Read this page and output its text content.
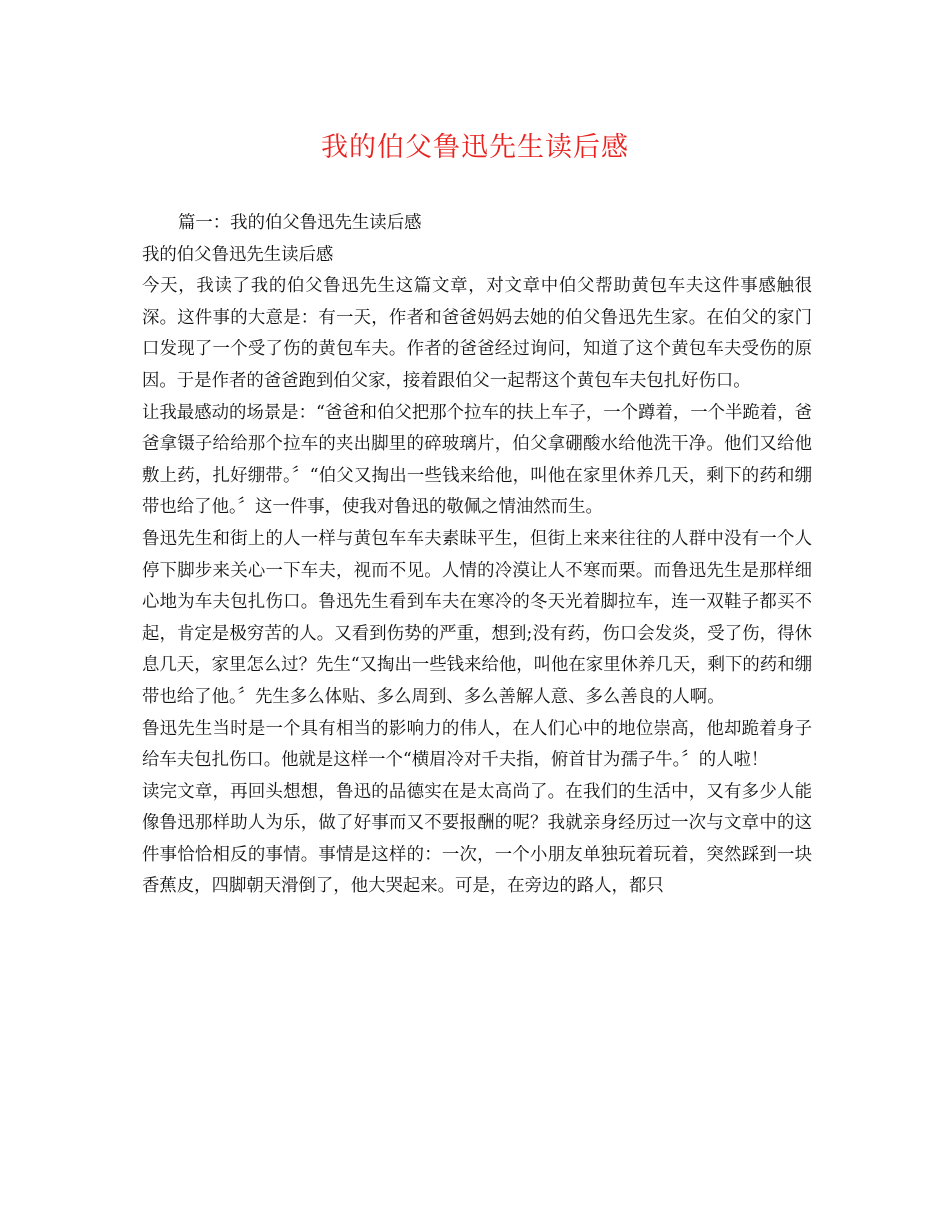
我的伯父鲁迅先生读后感

篇一：我的伯父鲁迅先生读后感

我的伯父鲁迅先生读后感

今天，我读了我的伯父鲁迅先生这篇文章，对文章中伯父帮助黄包车夫这件事感触很深。这件事的大意是：有一天，作者和爸爸妈妈去她的伯父鲁迅先生家。在伯父的家门口发现了一个受了伤的黄包车夫。作者的爸爸经过询问，知道了这个黄包车夫受伤的原因。于是作者的爸爸跑到伯父家，接着跟伯父一起帮这个黄包车夫包扎好伤口。

让我最感动的场景是：“爸爸和伯父把那个拉车的扶上车子，一个蹲着，一个半跪着，爸爸拿镊子给给那个拉车的夹出脚里的碎玻璃片，伯父拿硼酸水给他洗干净。他们又给他敷上药，扎好绷带。〞“伯父又掏出一些钱来给他，叫他在家里休养几天，剩下的药和绷带也给了他。〞这一件事，使我对鲁迅的敬佩之情油然而生。

鲁迅先生和街上的人一样与黄包车车夫素昧平生，但街上来来往往的人群中没有一个人停下脚步来关心一下车夫，视而不见。人情的冷漠让人不寒而栗。而鲁迅先生是那样细心地为车夫包扎伤口。鲁迅先生看到车夫在寒冷的冬天光着脚拉车，连一双鞋子都买不起，肯定是极穷苦的人。又看到伤势的严重，想到;没有药，伤口会发炎，受了伤，得休息几天，家里怎么过？先生“又掏出一些钱来给他，叫他在家里休养几天，剩下的药和绷带也给了他。〞先生多么体贴、多么周到、多么善解人意、多么善良的人啊。

鲁迅先生当时是一个具有相当的影响力的伟人，在人们心中的地位崇高，他却跪着身子给车夫包扎伤口。他就是这样一个“横眉冷对千夫指，俯首甘为孺子牛。〞的人啦！

读完文章，再回头想想，鲁迅的品德实在是太高尚了。在我们的生活中，又有多少人能像鲁迅那样助人为乐，做了好事而又不要报酬的呢？我就亲身经历过一次与文章中的这件事恰恰相反的事情。事情是这样的：一次，一个小朋友单独玩着玩着，突然踩到一块香蕉皮，四脚朝天滑倒了，他大哭起来。可是，在旁边的路人，都只
